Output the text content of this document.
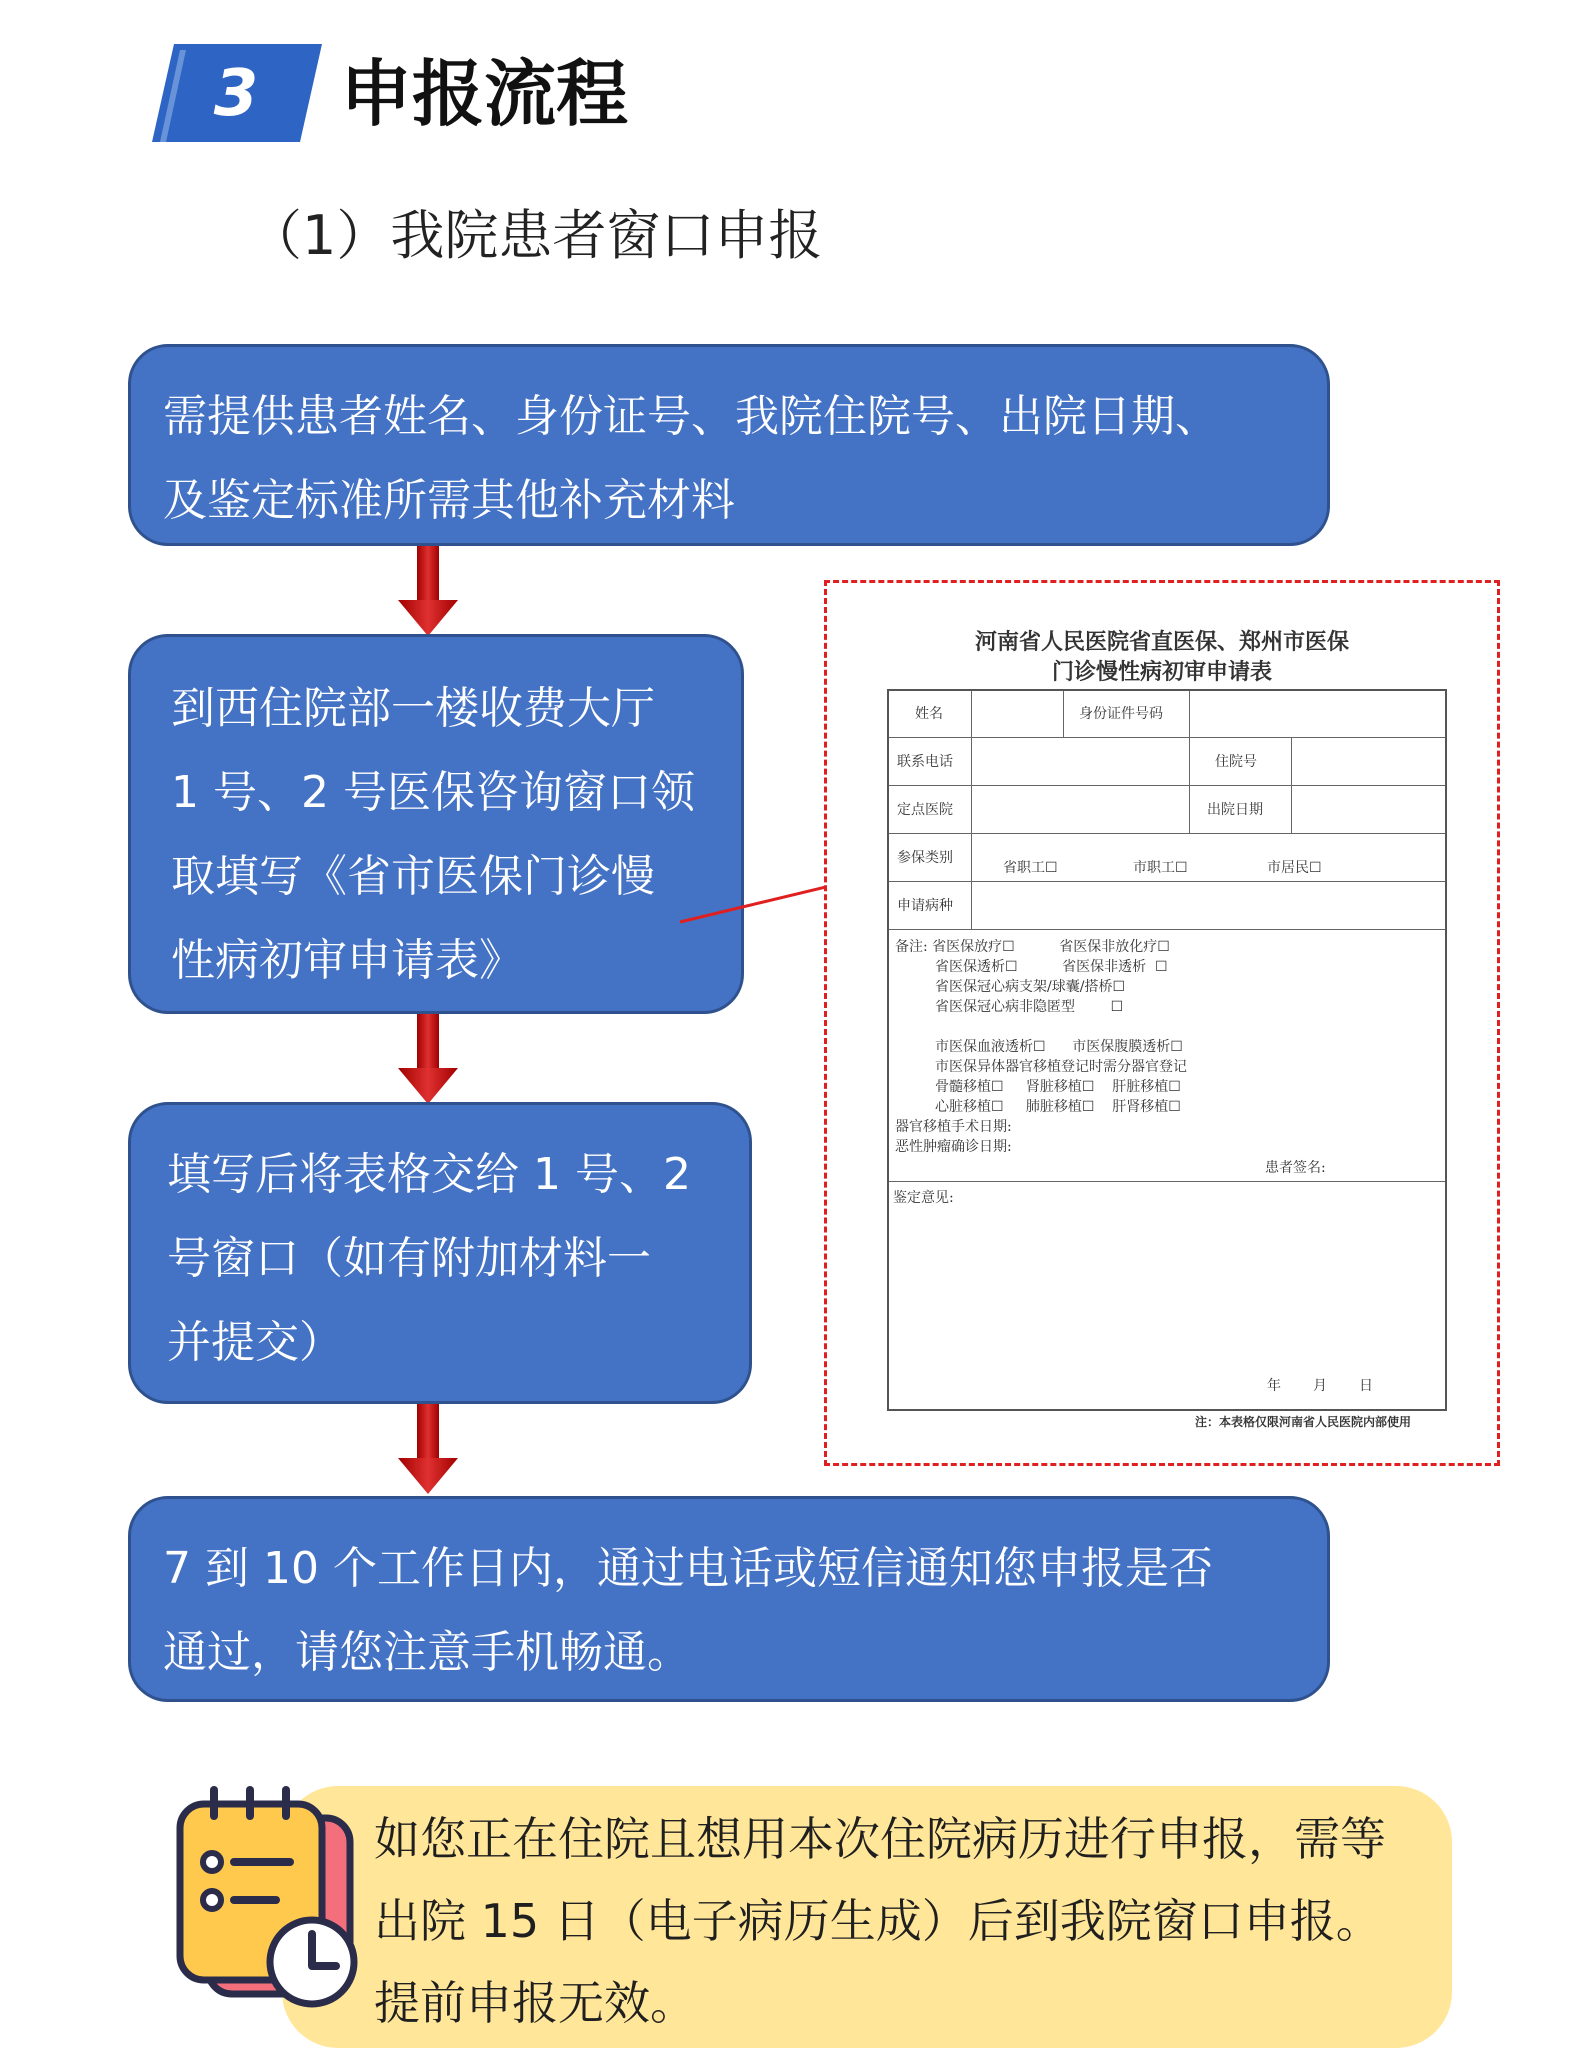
3 申报流程
（1）我院患者窗口申报
需提供患者姓名、身份证号、我院住院号、出院日期、
及鉴定标准所需其他补充材料
到西住院部一楼收费大厅
1 号、2 号医保咨询窗口领
取填写《省市医保门诊慢
性病初审申请表》
填写后将表格交给 1 号、2
号窗口（如有附加材料一
并提交）
7 到 10 个工作日内，通过电话或短信通知您申报是否
通过，请您注意手机畅通。
河南省人民医院省直医保、郑州市医保
门诊慢性病初审申请表
姓名	身份证件号码
联系电话	住院号
定点医院	出院日期
参保类别
省职工☐	市职工☐	市居民☐
申请病种
备注: 省医保放疗☐          省医保非放化疗☐
省医保透析☐          省医保非透析  ☐
省医保冠心病支架/球囊/搭桥☐
省医保冠心病非隐匿型        ☐

市医保血液透析☐      市医保腹膜透析☐
市医保异体器官移植登记时需分器官登记
骨髓移植☐     肾脏移植☐    肝脏移植☐
心脏移植☐     肺脏移植☐    肝肾移植☐
器官移植手术日期:
恶性肿瘤确诊日期:
患者签名:
鉴定意见:
年 月 日
注：本表格仅限河南省人民医院内部使用
如您正在住院且想用本次住院病历进行申报，需等
出院 15 日（电子病历生成）后到我院窗口申报。
提前申报无效。
